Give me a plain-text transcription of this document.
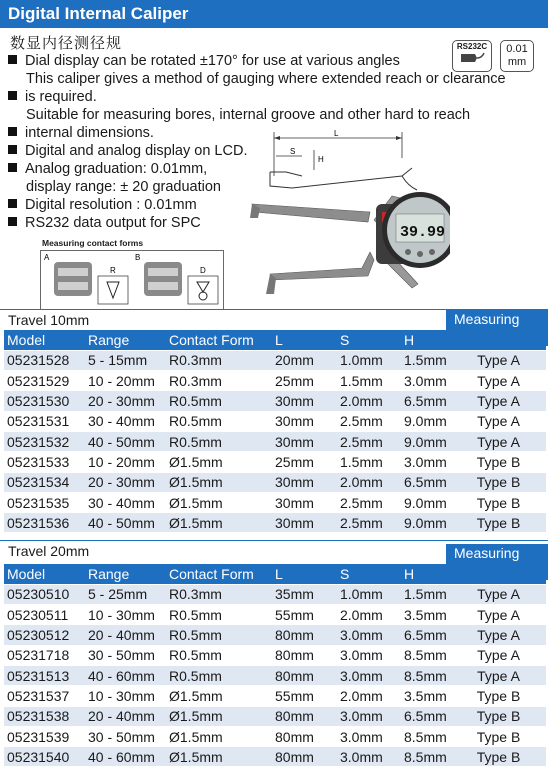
Digital Internal Caliper
数显内径测径规	RS232C	0.01
mm
Dial display can be rotated ±170° for use at various angles
This caliper gives a method of gauging where extended reach or clearance
is required.
Suitable for measuring bores, internal groove and other hard to reach
internal dimensions.
Digital and analog display on LCD.
Analog graduation: 0.01mm,
display range: ± 20 graduation
Digital resolution : 0.01mm
RS232 data output for SPC
L
S
H
39.99
Measuring contact forms
A
R
B
D
Travel 10mm	Measuring
Model	Range	Contact Form	L	S	H	
05231528	5 - 15mm	R0.3mm	20mm	1.0mm	1.5mm	Type A
05231529	10 - 20mm	R0.3mm	25mm	1.5mm	3.0mm	Type A
05231530	20 - 30mm	R0.5mm	30mm	2.0mm	6.5mm	Type A
05231531	30 - 40mm	R0.5mm	30mm	2.5mm	9.0mm	Type A
05231532	40 - 50mm	R0.5mm	30mm	2.5mm	9.0mm	Type A
05231533	10 - 20mm	Ø1.5mm	25mm	1.5mm	3.0mm	Type B
05231534	20 - 30mm	Ø1.5mm	30mm	2.0mm	6.5mm	Type B
05231535	30 - 40mm	Ø1.5mm	30mm	2.5mm	9.0mm	Type B
05231536	40 - 50mm	Ø1.5mm	30mm	2.5mm	9.0mm	Type B
Travel 20mm	Measuring
Model	Range	Contact Form	L	S	H	
05230510	5 - 25mm	R0.3mm	35mm	1.0mm	1.5mm	Type A
05230511	10 - 30mm	R0.5mm	55mm	2.0mm	3.5mm	Type A
05230512	20 - 40mm	R0.5mm	80mm	3.0mm	6.5mm	Type A
05231718	30 - 50mm	R0.5mm	80mm	3.0mm	8.5mm	Type A
05231513	40 - 60mm	R0.5mm	80mm	3.0mm	8.5mm	Type A
05231537	10 - 30mm	Ø1.5mm	55mm	2.0mm	3.5mm	Type B
05231538	20 - 40mm	Ø1.5mm	80mm	3.0mm	6.5mm	Type B
05231539	30 - 50mm	Ø1.5mm	80mm	3.0mm	8.5mm	Type B
05231540	40 - 60mm	Ø1.5mm	80mm	3.0mm	8.5mm	Type B
